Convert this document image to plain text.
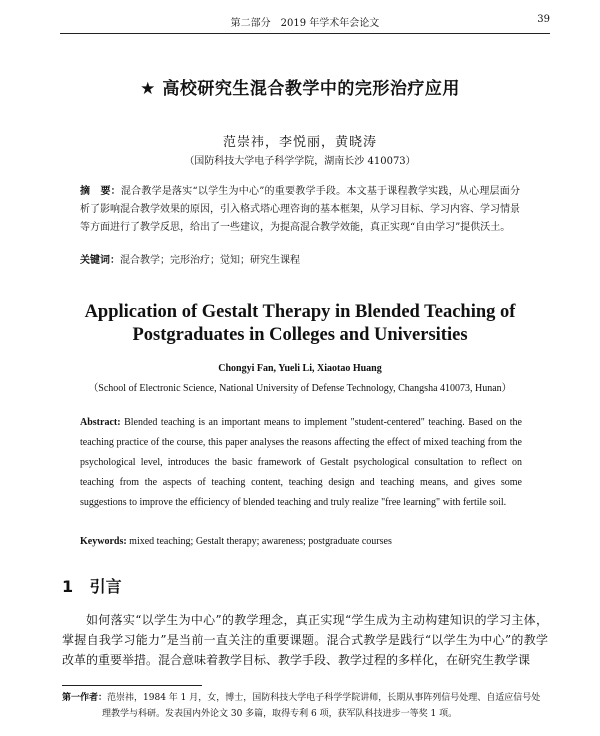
第二部分　2019 年学术年会论文	39
★ 高校研究生混合教学中的完形治疗应用
范崇祎，李悦丽，黄晓涛
（国防科技大学电子科学学院，湖南长沙 410073）
摘　要：混合教学是落实“以学生为中心”的重要教学手段。本文基于课程教学实践，从心理层面分析了影响混合教学效果的原因，引入格式塔心理咨询的基本框架，从学习目标、学习内容、学习情景等方面进行了教学反思，给出了一些建议，为提高混合教学效能，真正实现“自由学习”提供沃土。
关键词：混合教学；完形治疗；觉知；研究生课程
Application of Gestalt Therapy in Blended Teaching of
Postgraduates in Colleges and Universities
Chongyi Fan, Yueli Li, Xiaotao Huang
（School of Electronic Science, National University of Defense Technology, Changsha 410073, Hunan）
Abstract: Blended teaching is an important means to implement "student-centered" teaching. Based on the teaching practice of the course, this paper analyses the reasons affecting the effect of mixed teaching from the psychological level, introduces the basic framework of Gestalt psychological consultation to reflect on teaching from the aspects of teaching content, teaching design and teaching means, and gives some suggestions to improve the efficiency of blended teaching and truly realize "free learning" with fertile soil.
Keywords: mixed teaching; Gestalt therapy; awareness; postgraduate courses
1 引言
如何落实“以学生为中心”的教学理念，真正实现“学生成为主动构建知识的学习主体，掌握自我学习能力”是当前一直关注的重要课题。混合式教学是践行“以学生为中心”的教学改革的重要举措。混合意味着教学目标、教学手段、教学过程的多样化，在研究生教学课
第一作者：范崇祎，1984 年 1 月，女，博士，国防科技大学电子科学学院讲师，长期从事阵列信号处理、自适应信号处理教学与科研。发表国内外论文 30 多篇，取得专利 6 项，获军队科技进步一等奖 1 项。
